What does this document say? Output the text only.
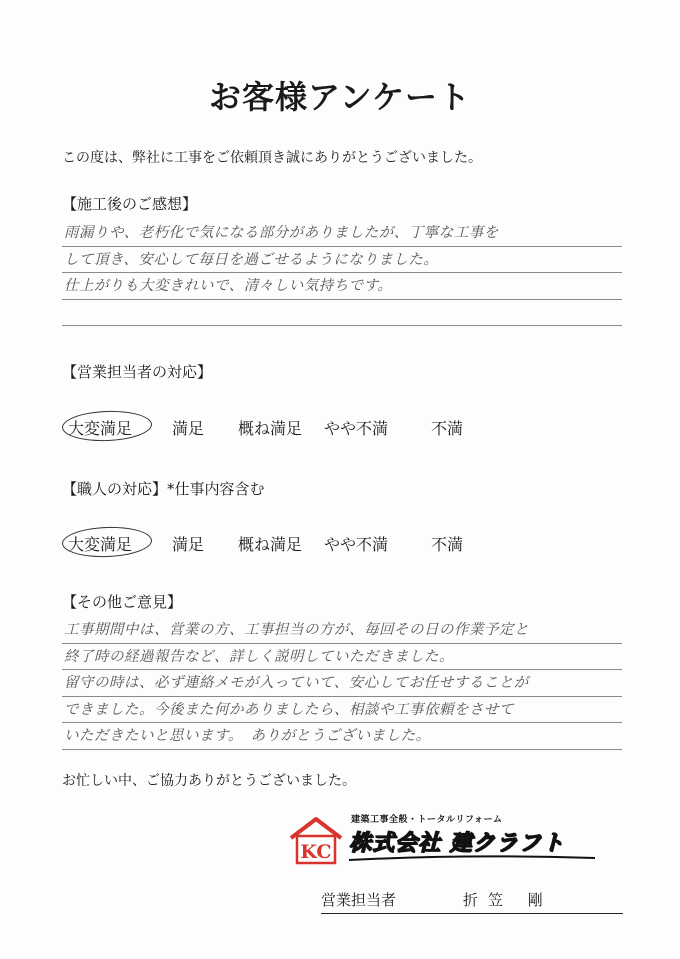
お客様アンケート
この度は、弊社に工事をご依頼頂き誠にありがとうございました。
【施工後のご感想】
雨漏りや、老朽化で気になる部分がありましたが、丁寧な工事を
して頂き、安心して毎日を過ごせるようになりました。
仕上がりも大変きれいで、清々しい気持ちです。
【営業担当者の対応】
大変満足 満足 概ね満足 やや不満	不満
【職人の対応】*仕事内容含む
大変満足 満足 概ね満足 やや不満	不満
【その他ご意見】
工事期間中は、営業の方、工事担当の方が、毎回その日の作業予定と
終了時の経過報告など、詳しく説明していただきました。
留守の時は、必ず連絡メモが入っていて、安心してお任せすることが
できました。今後また何かありましたら、相談や工事依頼をさせて
いただきたいと思います。　ありがとうございました。
お忙しい中、ご協力ありがとうございました。
KC
建築工事全般・トータルリフォーム
株式会社 建クラフト
営業担当者	折笠 剛
